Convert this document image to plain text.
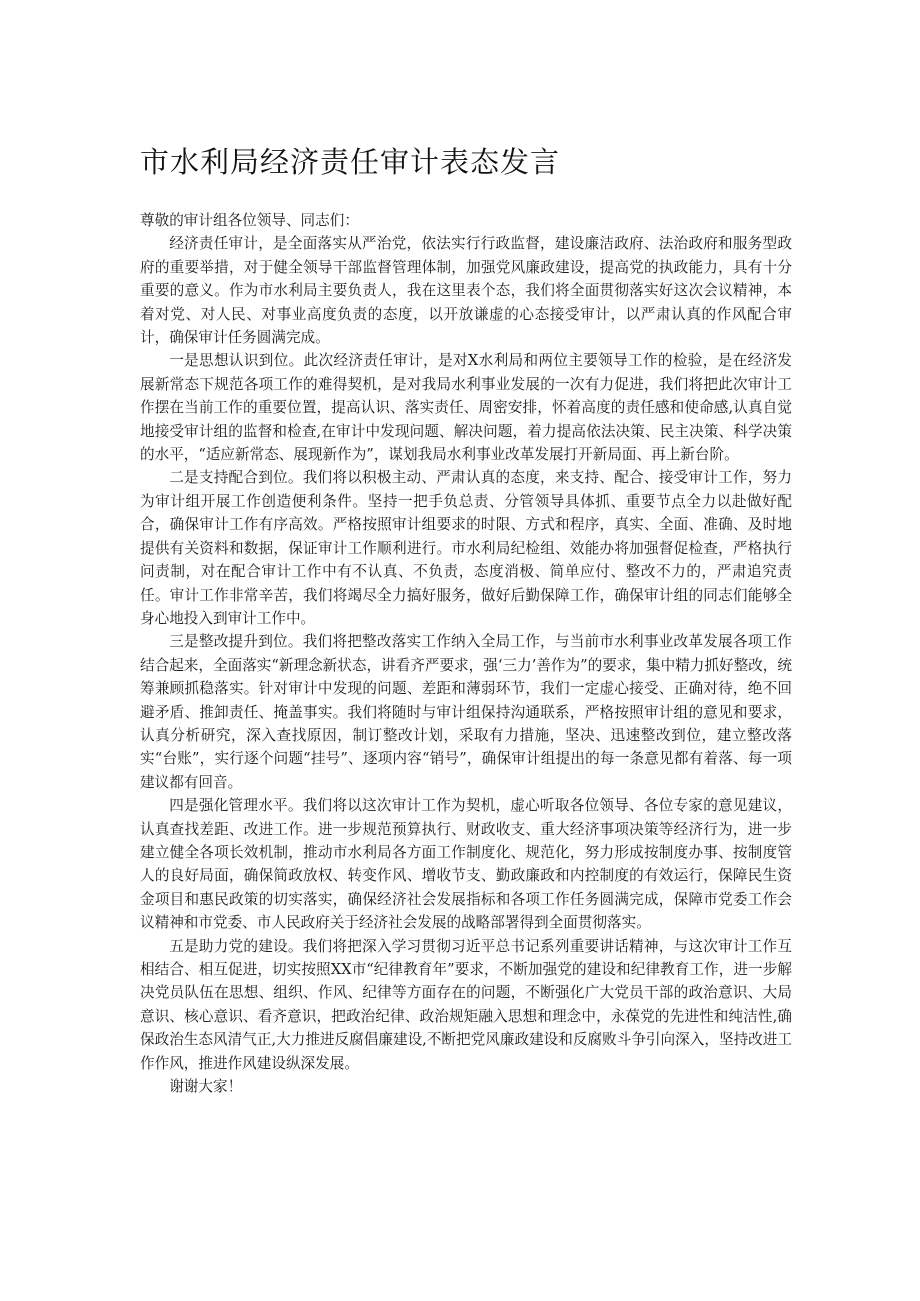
市水利局经济责任审计表态发言

尊敬的审计组各位领导、同志们：

经济责任审计，是全面落实从严治党，依法实行行政监督，建设廉洁政府、法治政府和服务型政府的重要举措，对于健全领导干部监督管理体制，加强党风廉政建设，提高党的执政能力，具有十分重要的意义。作为市水利局主要负责人，我在这里表个态，我们将全面贯彻落实好这次会议精神，本着对党、对人民、对事业高度负责的态度，以开放谦虚的心态接受审计，以严肃认真的作风配合审计，确保审计任务圆满完成。

一是思想认识到位。此次经济责任审计，是对X水利局和两位主要领导工作的检验，是在经济发展新常态下规范各项工作的难得契机，是对我局水利事业发展的一次有力促进，我们将把此次审计工作摆在当前工作的重要位置，提高认识、落实责任、周密安排，怀着高度的责任感和使命感,认真自觉地接受审计组的监督和检查,在审计中发现问题、解决问题，着力提高依法决策、民主决策、科学决策的水平，“适应新常态、展现新作为”，谋划我局水利事业改革发展打开新局面、再上新台阶。

二是支持配合到位。我们将以积极主动、严肃认真的态度，来支持、配合、接受审计工作，努力为审计组开展工作创造便利条件。坚持一把手负总责、分管领导具体抓、重要节点全力以赴做好配合，确保审计工作有序高效。严格按照审计组要求的时限、方式和程序，真实、全面、准确、及时地提供有关资料和数据，保证审计工作顺利进行。市水利局纪检组、效能办将加强督促检查，严格执行问责制，对在配合审计工作中有不认真、不负责，态度消极、简单应付、整改不力的，严肃追究责任。审计工作非常辛苦，我们将竭尽全力搞好服务，做好后勤保障工作，确保审计组的同志们能够全身心地投入到审计工作中。

三是整改提升到位。我们将把整改落实工作纳入全局工作，与当前市水利事业改革发展各项工作结合起来，全面落实“新理念新状态，讲看齐严要求，强‘三力’善作为”的要求，集中精力抓好整改，统筹兼顾抓稳落实。针对审计中发现的问题、差距和薄弱环节，我们一定虚心接受、正确对待，绝不回避矛盾、推卸责任、掩盖事实。我们将随时与审计组保持沟通联系，严格按照审计组的意见和要求，认真分析研究，深入查找原因，制订整改计划，采取有力措施，坚决、迅速整改到位，建立整改落实“台账”，实行逐个问题“挂号”、逐项内容“销号”，确保审计组提出的每一条意见都有着落、每一项建议都有回音。

四是强化管理水平。我们将以这次审计工作为契机，虚心听取各位领导、各位专家的意见建议，认真查找差距、改进工作。进一步规范预算执行、财政收支、重大经济事项决策等经济行为，进一步建立健全各项长效机制，推动市水利局各方面工作制度化、规范化，努力形成按制度办事、按制度管人的良好局面，确保简政放权、转变作风、增收节支、勤政廉政和内控制度的有效运行，保障民生资金项目和惠民政策的切实落实，确保经济社会发展指标和各项工作任务圆满完成，保障市党委工作会议精神和市党委、市人民政府关于经济社会发展的战略部署得到全面贯彻落实。

五是助力党的建设。我们将把深入学习贯彻习近平总书记系列重要讲话精神，与这次审计工作互相结合、相互促进，切实按照XX市“纪律教育年”要求，不断加强党的建设和纪律教育工作，进一步解决党员队伍在思想、组织、作风、纪律等方面存在的问题，不断强化广大党员干部的政治意识、大局意识、核心意识、看齐意识，把政治纪律、政治规矩融入思想和理念中，永葆党的先进性和纯洁性,确保政治生态风清气正,大力推进反腐倡廉建设,不断把党风廉政建设和反腐败斗争引向深入，坚持改进工作作风，推进作风建设纵深发展。

谢谢大家！
